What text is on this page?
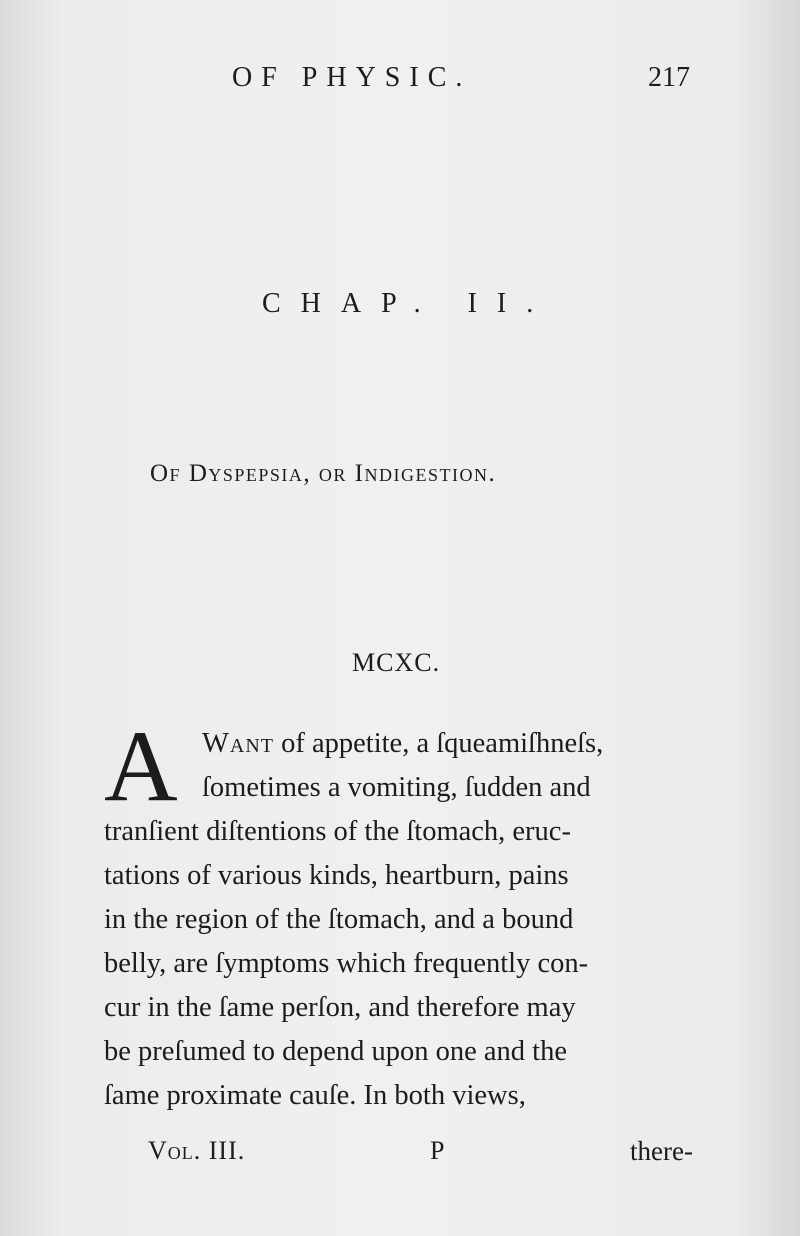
OF PHYSIC.	217
CHAP. II.
Of Dyspepsia, or Indigestion.
MCXC.
A Want of appetite, a ſqueamiſhneſs,
ſometimes a vomiting, ſudden and
tranſient diſtentions of the ſtomach, eruc-
tations of various kinds, heartburn, pains
in the region of the ſtomach, and a bound
belly, are ſymptoms which frequently con-
cur in the ſame perſon, and therefore may
be preſumed to depend upon one and the
ſame proximate cauſe. In both views,
Vol. III.	P	there-
